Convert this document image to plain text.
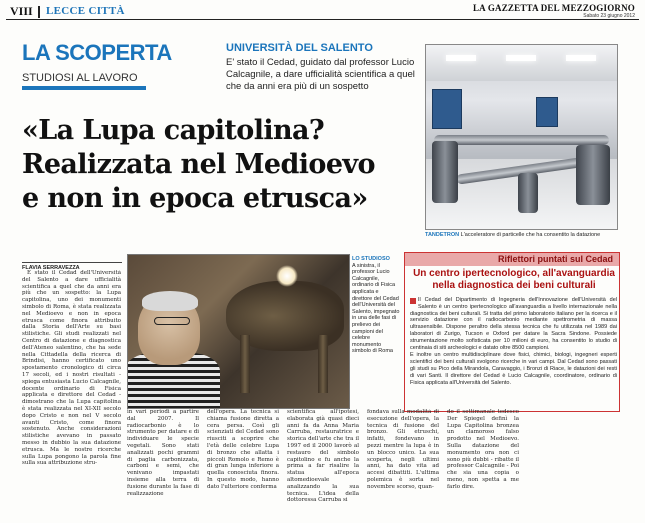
VIII LECCE CITTÀ	LA GAZZETTA DEL MEZZOGIORNO
Sabato 23 giugno 2012
LA SCOPERTA
STUDIOSI AL LAVORO
UNIVERSITÀ DEL SALENTO
E' stato il Cedad, guidato dal professor Lucio Calcagnile, a dare ufficialità scientifica a quel che da anni era più di un sospetto
«La Lupa capitolina?
Realizzata nel Medioevo
e non in epoca etrusca»
TANDETRON L'acceleratore di particelle che ha consentito la datazione
FLAVIA SERRAVEZZA

È stato il Cedad dell'Università del Salento a dare ufficialità scientifica a quel che da anni era più che un sospetto: la Lupa capitolina, uno dei monumenti simbolo di Roma, è stata realizzata nel Medioevo e non in epoca etrusca come finora attribuito dalla Storia dell'Arte su basi stilistiche. Gli studi realizzati nel Centro di datazione e diagnostica dell'Ateneo salentino, che ha sede nella Cittadella della ricerca di Brindisi, hanno certificato uno spostamento cronologico di circa 17 secoli, ed i nostri risultati - spiega entusiasta Lucio Calcagnile, docente ordinario di Fisica applicata e direttore del Cedad - dimostrano che la Lupa capitolina è stata realizzata nel XI-XII secolo dopo Cristo e non nel V secolo avanti Cristo, come finora sostenuto. Anche considerazioni stilistiche avevano in passato messo in dubbio la sua datazione etrusca. Ma le nostre ricerche sulla Lupa pongono la parola fine sulla sua attribuzione stru-

LO STUDIOSO
A sinistra, il professor Lucio Calcagnile, ordinario di Fisica applicata e direttore del Cedad dell'Università del Salento, impegnato in una delle fasi di prelievo dei campioni del celebre monumento simbolo di Roma
Riflettori puntati sul Cedad
Un centro ipertecnologico, all'avanguardia nella diagnostica dei beni culturali

Il Cedad del Dipartimento di Ingegneria dell'Innovazione dell'Università del Salento è un centro ipertecnologico all'avanguardia a livello internazionale nella diagnostica dei beni culturali. Si tratta del primo laboratorio italiano per la ricerca e il servizio datazione con il radiocarbonio mediante spettrometria di massa ultrasensibile. Dispone peraltro della stessa tecnica che fu utilizzata nel 1989 dai laboratori di Zurigo, Tucson e Oxford per datare la Sacra Sindone. Possiede strumentazione molto sofisticata per 10 milioni di euro, ha consentito lo studio di centinaia di siti archeologici e datato oltre 8500 campioni.

E inoltre un centro multidisciplinare dove fisici, chimici, biologi, ingegneri esperti scientifici dei beni culturali svolgono ricerche in vari campi. Dal Cedad sono passati gli studi su Pico della Mirandola, Caravaggio, i Bronzi di Riace, le datazioni dei resti di vari Santi. Il direttore del Cedad è Lucio Calcagnile, coordinatore, ordinario di Fisica applicata all'Università del Salento.

in vari periodi a partire dal 2007. Il radiocarbonio è lo strumento per datare e di individuare le specie vegetali. Sono stati analizzati pochi grammi di paglia carbonizzata, carboni e semi, che venivano impastati insieme alla terra di fusione durante la fase di realizzazione
dell'opera. La tecnica si chiama fusione diretta a cera persa. Così gli scienziati del Cedad sono riusciti a scoprire che l'età delle celebre Lupa di bronzo che allatta i piccoli Romolo e Remo è di gran lunga inferiore a quella conosciuta finora. In questo modo, hanno dato l'ulteriore conferma
scientifica all'ipotesi, elaborata già quasi dieci anni fa da Anna Maria Carruba, restauratrice e storica dell'arte che tra il 1997 ed il 2000 lavorò al restauro del simbolo capitolino e fu anche la prima a far risalire la statua all'epoca altomedioevale analizzando la sua tecnica. L'idea della dottoressa Carruba si
fondava sulla modalità di esecuzione dell'opera, la tecnica di fusione del bronzo. Gli etruschi, infatti, fondevano in pezzi mentre la lupa è in un blocco unico. La sua scoperta, negli ultimi anni, ha dato vita ad accesi dibattiti. L'ultima polemica è sorta nel novembre scorso, quan-
do il settimanale tedesco Der Spiegel definì la Lupa Capitolina bronzea un clamoroso falso prodotto nel Medioevo. Sulla datazione del monumento ora non ci sono più dubbi - ribatte il professor Calcagnile - Poi che sia una copia o meno, non spetta a me farlo dire.
